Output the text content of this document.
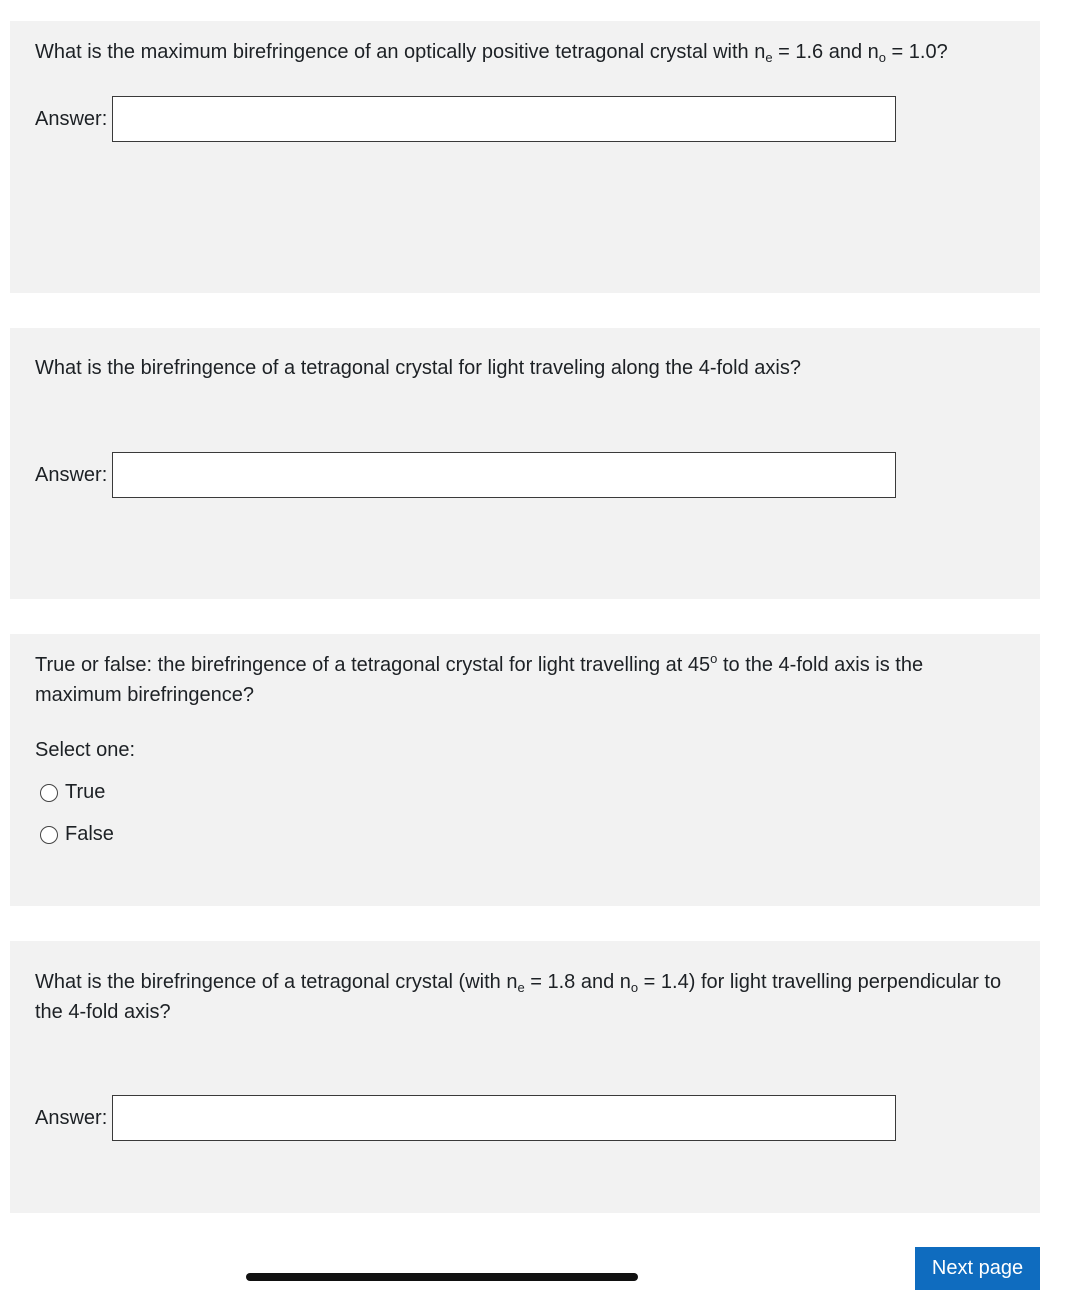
What is the maximum birefringence of an optically positive tetragonal crystal with $n_e = 1.6$ and $n_o = 1.0$?

Answer:

What is the birefringence of a tetragonal crystal for light traveling along the 4-fold axis?

Answer:

True or false: the birefringence of a tetragonal crystal for light travelling at 45$^o$ to the 4-fold axis is the maximum birefringence?

Select one:
True
False

What is the birefringence of a tetragonal crystal (with $n_e = 1.8$ and $n_o = 1.4$) for light travelling perpendicular to the 4-fold axis?

Answer:
Next page
